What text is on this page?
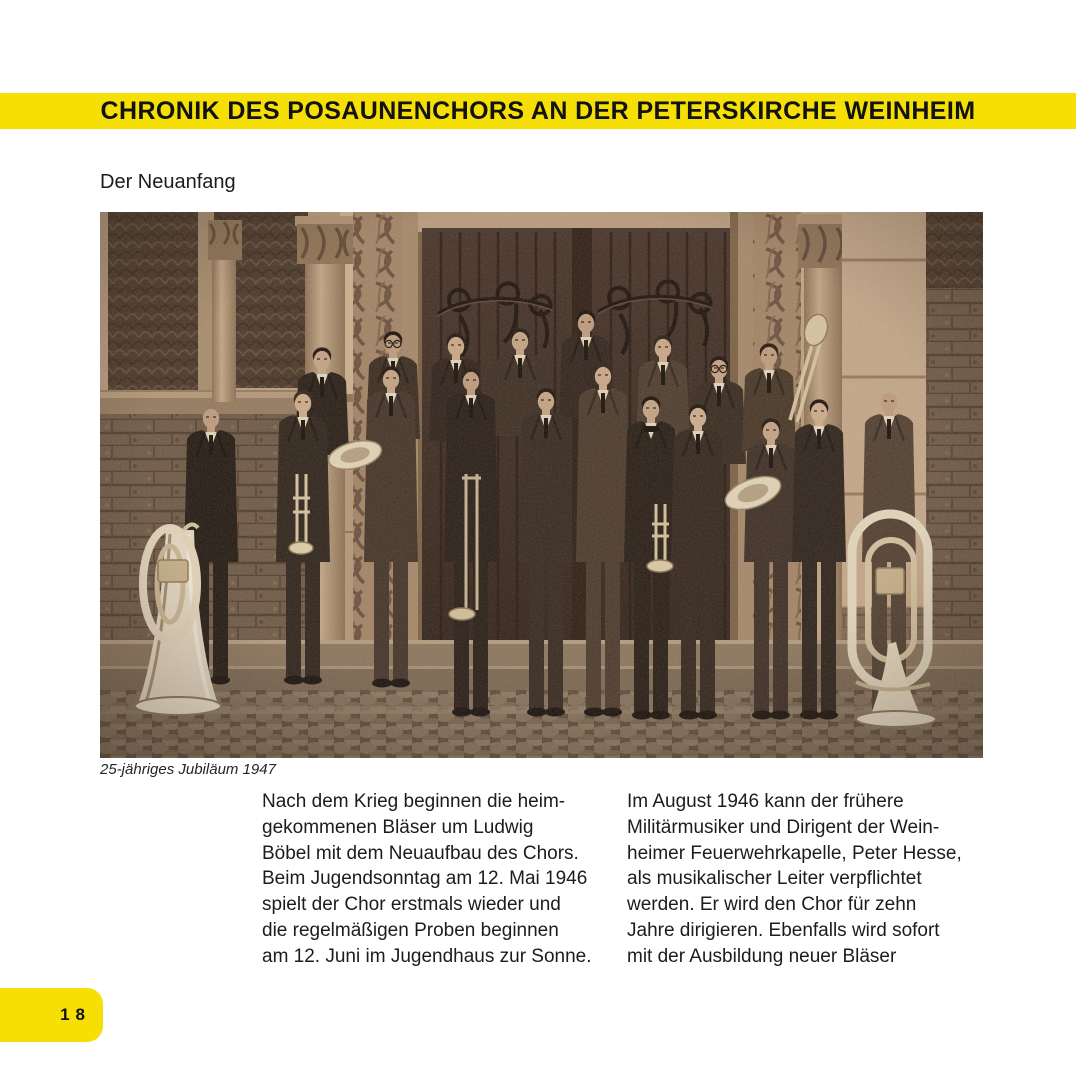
CHRONIK DES POSAUNENCHORS AN DER PETERSKIRCHE WEINHEIM
Der Neuanfang
25-jähriges Jubiläum 1947
Nach dem Krieg beginnen die heim-
gekommenen Bläser um Ludwig
Böbel mit dem Neuaufbau des Chors.
Beim Jugendsonntag am 12. Mai 1946
spielt der Chor erstmals wieder und
die regelmäßigen Proben beginnen
am 12. Juni im Jugendhaus zur Sonne.
Im August 1946 kann der frühere
Militärmusiker und Dirigent der Wein-
heimer Feuerwehrkapelle, Peter Hesse,
als musikalischer Leiter verpflichtet
werden. Er wird den Chor für zehn
Jahre dirigieren. Ebenfalls wird sofort
mit der Ausbildung neuer Bläser
18
